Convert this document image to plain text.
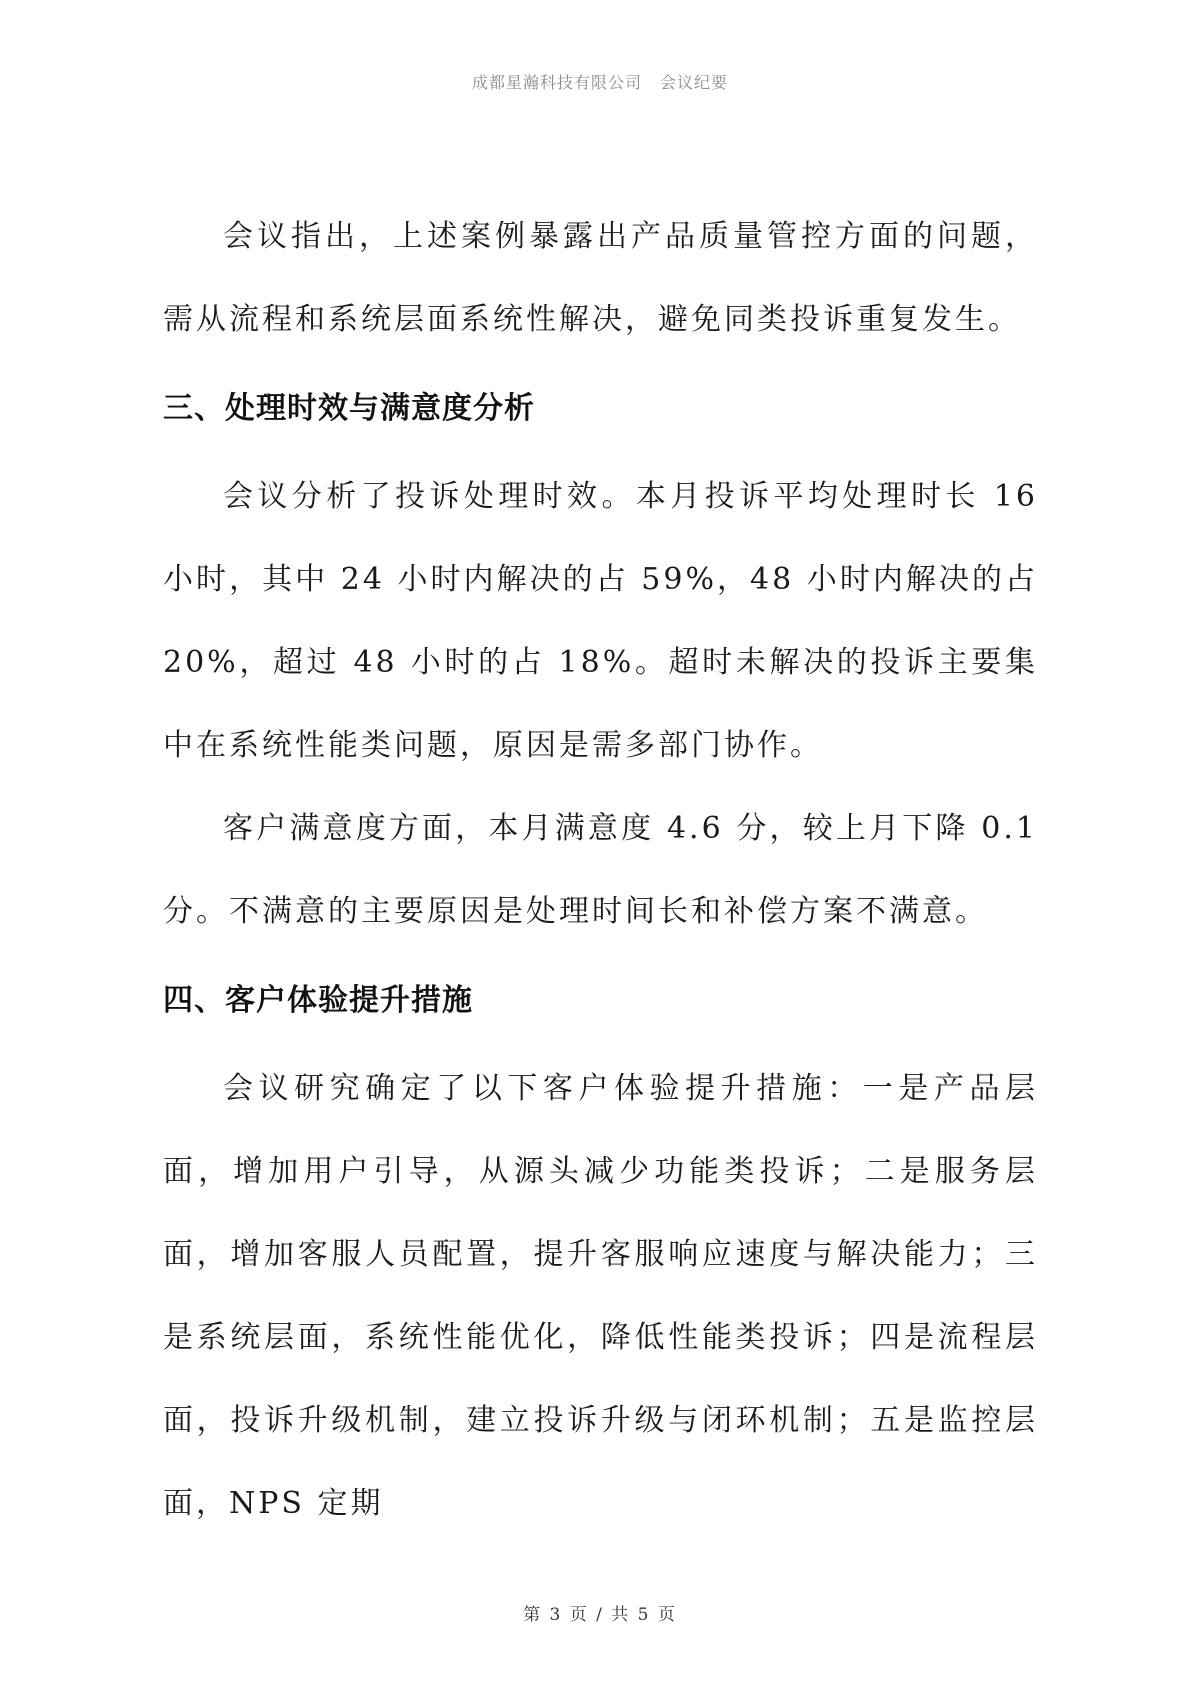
成都星瀚科技有限公司 会议纪要

会议指出，上述案例暴露出产品质量管控方面的问题，需从流程和系统层面系统性解决，避免同类投诉重复发生。

三、处理时效与满意度分析

会议分析了投诉处理时效。本月投诉平均处理时长 16 小时，其中 24 小时内解决的占 59%，48 小时内解决的占 20%，超过 48 小时的占 18%。超时未解决的投诉主要集中在系统性能类问题，原因是需多部门协作。

客户满意度方面，本月满意度 4.6 分，较上月下降 0.1 分。不满意的主要原因是处理时间长和补偿方案不满意。

四、客户体验提升措施

会议研究确定了以下客户体验提升措施：一是产品层面，增加用户引导，从源头减少功能类投诉；二是服务层面，增加客服人员配置，提升客服响应速度与解决能力；三是系统层面，系统性能优化，降低性能类投诉；四是流程层面，投诉升级机制，建立投诉升级与闭环机制；五是监控层面，NPS 定期

第 3 页 / 共 5 页
